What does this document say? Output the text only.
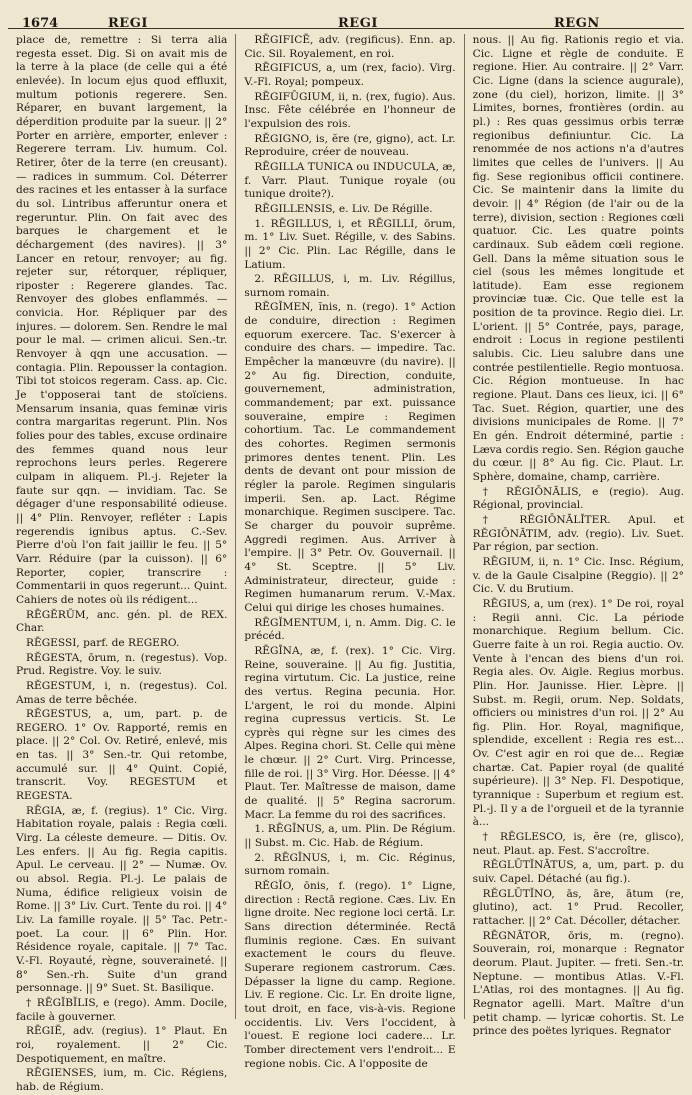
1674	REGI	REGI	REGN

place de, remettre : Si terra alia regesta esset. Dig. Si on avait mis de la terre à la place (de celle qui a été enlevée). In locum ejus quod effluxit, multum potionis regerere. Sen. Réparer, en buvant largement, la déperdition produite par la sueur. || 2° Porter en arrière, emporter, enlever : Regerere terram. Liv. humum. Col. Retirer, ôter de la terre (en creusant). — radices in summum. Col. Déterrer des racines et les entasser à la surface du sol. Lintribus afferuntur onera et regeruntur. Plin. On fait avec des barques le chargement et le déchargement (des navires). || 3° Lancer en retour, renvoyer; au fig. rejeter sur, rétorquer, répliquer, riposter : Regerere glandes. Tac. Renvoyer des globes enflammés. — convicia. Hor. Répliquer par des injures. — dolorem. Sen. Rendre le mal pour le mal. — crimen alicui. Sen.-tr. Renvoyer à qqn une accusation. — contagia. Plin. Repousser la contagion. Tibi tot stoicos regeram. Cass. ap. Cic. Je t'opposerai tant de stoïciens. Mensarum insania, quas feminæ viris contra margaritas regerunt. Plin. Nos folies pour des tables, excuse ordinaire des femmes quand nous leur reprochons leurs perles. Regerere culpam in aliquem. Pl.-j. Rejeter la faute sur qqn. — invidiam. Tac. Se dégager d'une responsabilité odieuse. || 4° Plin. Renvoyer, refléter : Lapis regerendis ignibus aptus. C.-Sev. Pierre d'où l'on fait jaillir le feu. || 5° Varr. Réduire (par la cuisson). || 6° Reporter, copier, transcrire : Commentarii in quos regerunt... Quint. Cahiers de notes où ils rédigent...

RĒGĔRŬM, anc. gén. pl. de REX. Char.

RĒGESSI, parf. de REGERO.

RĔGESTA, ōrum, n. (regestus). Vop. Prud. Registre. Voy. le suiv.

RĔGESTUM, i, n. (regestus). Col. Amas de terre bêchée.

RĔGESTUS, a, um, part. p. de REGERO. 1° Ov. Rapporté, remis en place. || 2° Col. Ov. Retiré, enlevé, mis en tas. || 3° Sen.-tr. Qui retombe, accumulé sur. || 4° Quint. Copié, transcrit. Voy. REGESTUM et REGESTA.

RĒGIA, æ, f. (regius). 1° Cic. Virg. Habitation royale, palais : Regia cœli. Virg. La céleste demeure. — Ditis. Ov. Les enfers. || Au fig. Regia capitis. Apul. Le cerveau. || 2° — Numæ. Ov. ou absol. Regia. Pl.-j. Le palais de Numa, édifice religieux voisin de Rome. || 3° Liv. Curt. Tente du roi. || 4° Liv. La famille royale. || 5° Tac. Petr.-poet. La cour. || 6° Plin. Hor. Résidence royale, capitale. || 7° Tac. V.-Fl. Royauté, règne, souveraineté. || 8° Sen.-rh. Suite d'un grand personnage. || 9° Suet. St. Basilique.

† RĒGĬBĬLIS, e (rego). Amm. Docile, facile à gouverner.

RĒGIĒ, adv. (regius). 1° Plaut. En roi, royalement. || 2° Cic. Despotiquement, en maître.

RĒGIENSES, ium, m. Cic. Régiens, hab. de Régium.

RĒGIFICĒ, adv. (regificus). Enn. ap. Cic. Sil. Royalement, en roi.

RĒGIFICUS, a, um (rex, facio). Virg. V.-Fl. Royal; pompeux.

RĒGIFŪGIUM, ii, n. (rex, fugio). Aus. Insc. Fête célébrée en l'honneur de l'expulsion des rois.

RĔGIGNO, is, ĕre (re, gigno), act. Lr. Reproduire, créer de nouveau.

RĒGILLA TUNICA ou INDUCULA, æ, f. Varr. Plaut. Tunique royale (ou tunique droite?).

RĒGILLENSIS, e. Liv. De Régille.

1. RĒGILLUS, i, et RĒGILLI, ōrum, m. 1° Liv. Suet. Régille, v. des Sabins. || 2° Cic. Plin. Lac Régille, dans le Latium.

2. RĒGILLUS, i, m. Liv. Régillus, surnom romain.

RĔGĬMEN, ĭnis, n. (rego). 1° Action de conduire, direction : Regimen equorum exercere. Tac. S'exercer à conduire des chars. — impedire. Tac. Empêcher la manœuvre (du navire). || 2° Au fig. Direction, conduite, gouvernement, administration, commandement; par ext. puissance souveraine, empire : Regimen cohortium. Tac. Le commandement des cohortes. Regimen sermonis primores dentes tenent. Plin. Les dents de devant ont pour mission de régler la parole. Regimen singularis imperii. Sen. ap. Lact. Régime monarchique. Regimen suscipere. Tac. Se charger du pouvoir suprême. Aggredi regimen. Aus. Arriver à l'empire. || 3° Petr. Ov. Gouvernail. || 4° St. Sceptre. || 5° Liv. Administrateur, directeur, guide : Regimen humanarum rerum. V.-Max. Celui qui dirige les choses humaines.

RĒGĬMENTUM, i, n. Amm. Dig. C. le précéd.

RĒGĪNA, æ, f. (rex). 1° Cic. Virg. Reine, souveraine. || Au fig. Justitia, regina virtutum. Cic. La justice, reine des vertus. Regina pecunia. Hor. L'argent, le roi du monde. Alpini regina cupressus verticis. St. Le cyprès qui règne sur les cimes des Alpes. Regina chori. St. Celle qui mène le chœur. || 2° Curt. Virg. Princesse, fille de roi. || 3° Virg. Hor. Déesse. || 4° Plaut. Ter. Maîtresse de maison, dame de qualité. || 5° Regina sacrorum. Macr. La femme du roi des sacrifices.

1. RĒGĪNUS, a, um. Plin. De Régium. || Subst. m. Cic. Hab. de Régium.

2. RĒGĪNUS, i, m. Cic. Réginus, surnom romain.

RĔGĬO, ōnis, f. (rego). 1° Ligne, direction : Rectā regione. Cæs. Liv. En ligne droite. Nec regione loci certā. Lr. Sans direction déterminée. Rectā fluminis regione. Cæs. En suivant exactement le cours du fleuve. Superare regionem castrorum. Cæs. Dépasser la ligne du camp. Regione. Liv. E regione. Cic. Lr. En droite ligne, tout droit, en face, vis-à-vis. Regione occidentis. Liv. Vers l'occident, à l'ouest. E regione loci cadere... Lr. Tomber directement vers l'endroit... E regione nobis. Cic. A l'opposite de

nous. || Au fig. Rationis regio et via. Cic. Ligne et règle de conduite. E regione. Hier. Au contraire. || 2° Varr. Cic. Ligne (dans la science augurale), zone (du ciel), horizon, limite. || 3° Limites, bornes, frontières (ordin. au pl.) : Res quas gessimus orbis terræ regionibus definiuntur. Cic. La renommée de nos actions n'a d'autres limites que celles de l'univers. || Au fig. Sese regionibus officii continere. Cic. Se maintenir dans la limite du devoir. || 4° Région (de l'air ou de la terre), division, section : Regiones cœli quatuor. Cic. Les quatre points cardinaux. Sub eādem cœli regione. Gell. Dans la même situation sous le ciel (sous les mêmes longitude et latitude). Eam esse regionem provinciæ tuæ. Cic. Que telle est la position de ta province. Regio diei. Lr. L'orient. || 5° Contrée, pays, parage, endroit : Locus in regione pestilenti salubis. Cic. Lieu salubre dans une contrée pestilentielle. Regio montuosa. Cic. Région montueuse. In hac regione. Plaut. Dans ces lieux, ici. || 6° Tac. Suet. Région, quartier, une des divisions municipales de Rome. || 7° En gén. Endroit déterminé, partie : Læva cordis regio. Sen. Région gauche du cœur. || 8° Au fig. Cic. Plaut. Lr. Sphère, domaine, champ, carrière.

† RĔGIŌNĀLIS, e (regio). Aug. Régional, provincial.

† RĔGIŌNĀLĬTER. Apul. et RĔGIŌNĀTIM, adv. (regio). Liv. Suet. Par région, par section.

RĒGIUM, ii, n. 1° Cic. Insc. Régium, v. de la Gaule Cisalpine (Reggio). || 2° Cic. V. du Brutium.

RĒGIUS, a, um (rex). 1° De roi, royal : Regii anni. Cic. La période monarchique. Regium bellum. Cic. Guerre faite à un roi. Regia auctio. Ov. Vente à l'encan des biens d'un roi. Regia ales. Ov. Aigle. Regius morbus. Plin. Hor. Jaunisse. Hier. Lèpre. || Subst. m. Regii, orum. Nep. Soldats, officiers ou ministres d'un roi. || 2° Au fig. Plin. Hor. Royal, magnifique, splendide, excellent : Regia res est... Ov. C'est agir en roi que de... Regiæ chartæ. Cat. Papier royal (de qualité supérieure). || 3° Nep. Fl. Despotique, tyrannique : Superbum et regium est. Pl.-j. Il y a de l'orgueil et de la tyrannie à...

† RĔGLESCO, is, ĕre (re, glisco), neut. Plaut. ap. Fest. S'accroître.

RĔGLŪTĬNĀTUS, a, um, part. p. du suiv. Capel. Détaché (au fig.).

RĔGLŪTĬNO, ās, āre, ātum (re, glutino), act. 1° Prud. Recoller, rattacher. || 2° Cat. Décoller, détacher.

RĒGNĀTOR, ōris, m. (regno). Souverain, roi, monarque : Regnator deorum. Plaut. Jupiter. — freti. Sen.-tr. Neptune. — montibus Atlas. V.-Fl. L'Atlas, roi des montagnes. || Au fig. Regnator agelli. Mart. Maître d'un petit champ. — lyricæ cohortis. St. Le prince des poëtes lyriques. Regnator
